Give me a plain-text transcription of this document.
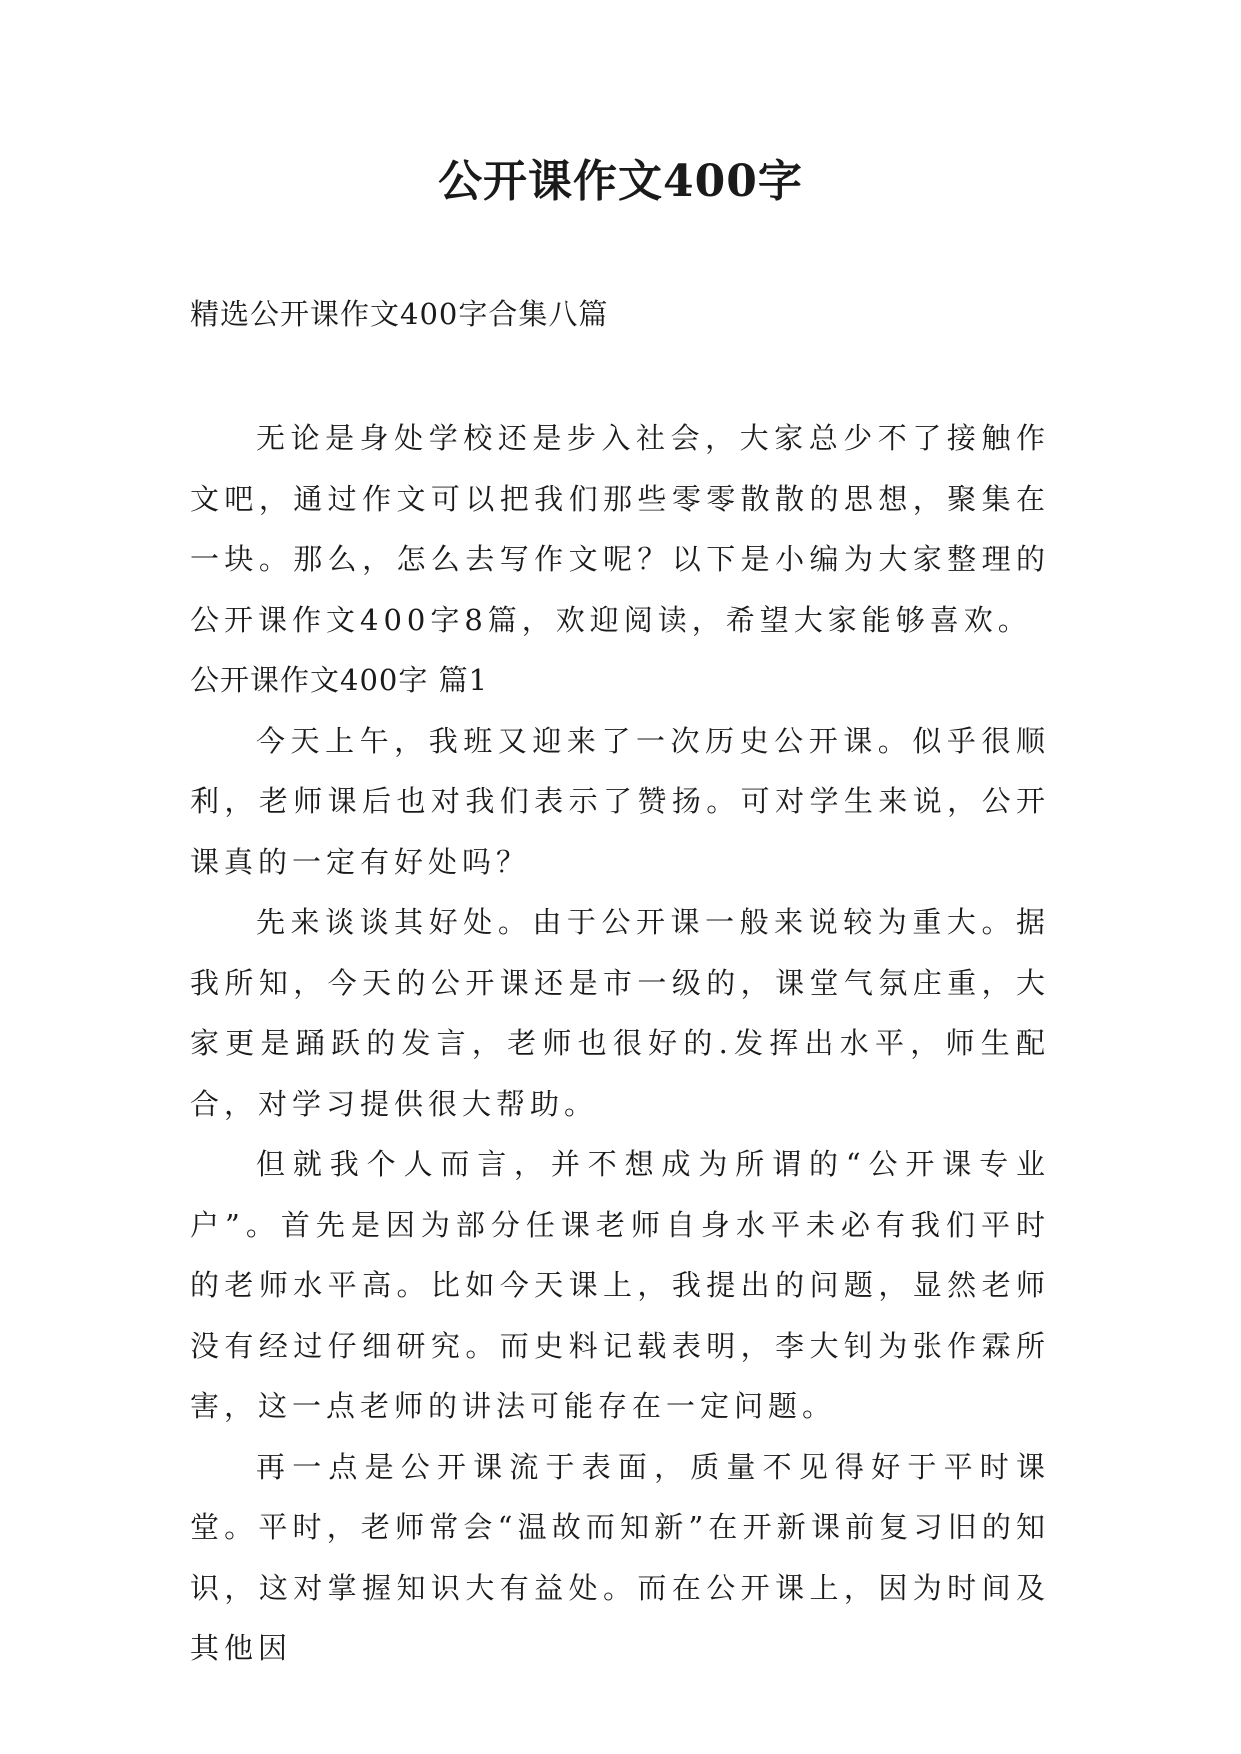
公开课作文400字
精选公开课作文400字合集八篇

无论是身处学校还是步入社会，大家总少不了接触作文吧，通过作文可以把我们那些零零散散的思想，聚集在一块。那么，怎么去写作文呢？以下是小编为大家整理的公开课作文400字8篇，欢迎阅读，希望大家能够喜欢。

公开课作文400字 篇1

今天上午，我班又迎来了一次历史公开课。似乎很顺利，老师课后也对我们表示了赞扬。可对学生来说，公开课真的一定有好处吗？

先来谈谈其好处。由于公开课一般来说较为重大。据我所知，今天的公开课还是市一级的，课堂气氛庄重，大家更是踊跃的发言，老师也很好的.发挥出水平，师生配合，对学习提供很大帮助。

但就我个人而言，并不想成为所谓的“公开课专业户”。首先是因为部分任课老师自身水平未必有我们平时的老师水平高。比如今天课上，我提出的问题，显然老师没有经过仔细研究。而史料记载表明，李大钊为张作霖所害，这一点老师的讲法可能存在一定问题。

再一点是公开课流于表面，质量不见得好于平时课堂。平时，老师常会“温故而知新”在开新课前复习旧的知识，这对掌握知识大有益处。而在公开课上，因为时间及其他因
